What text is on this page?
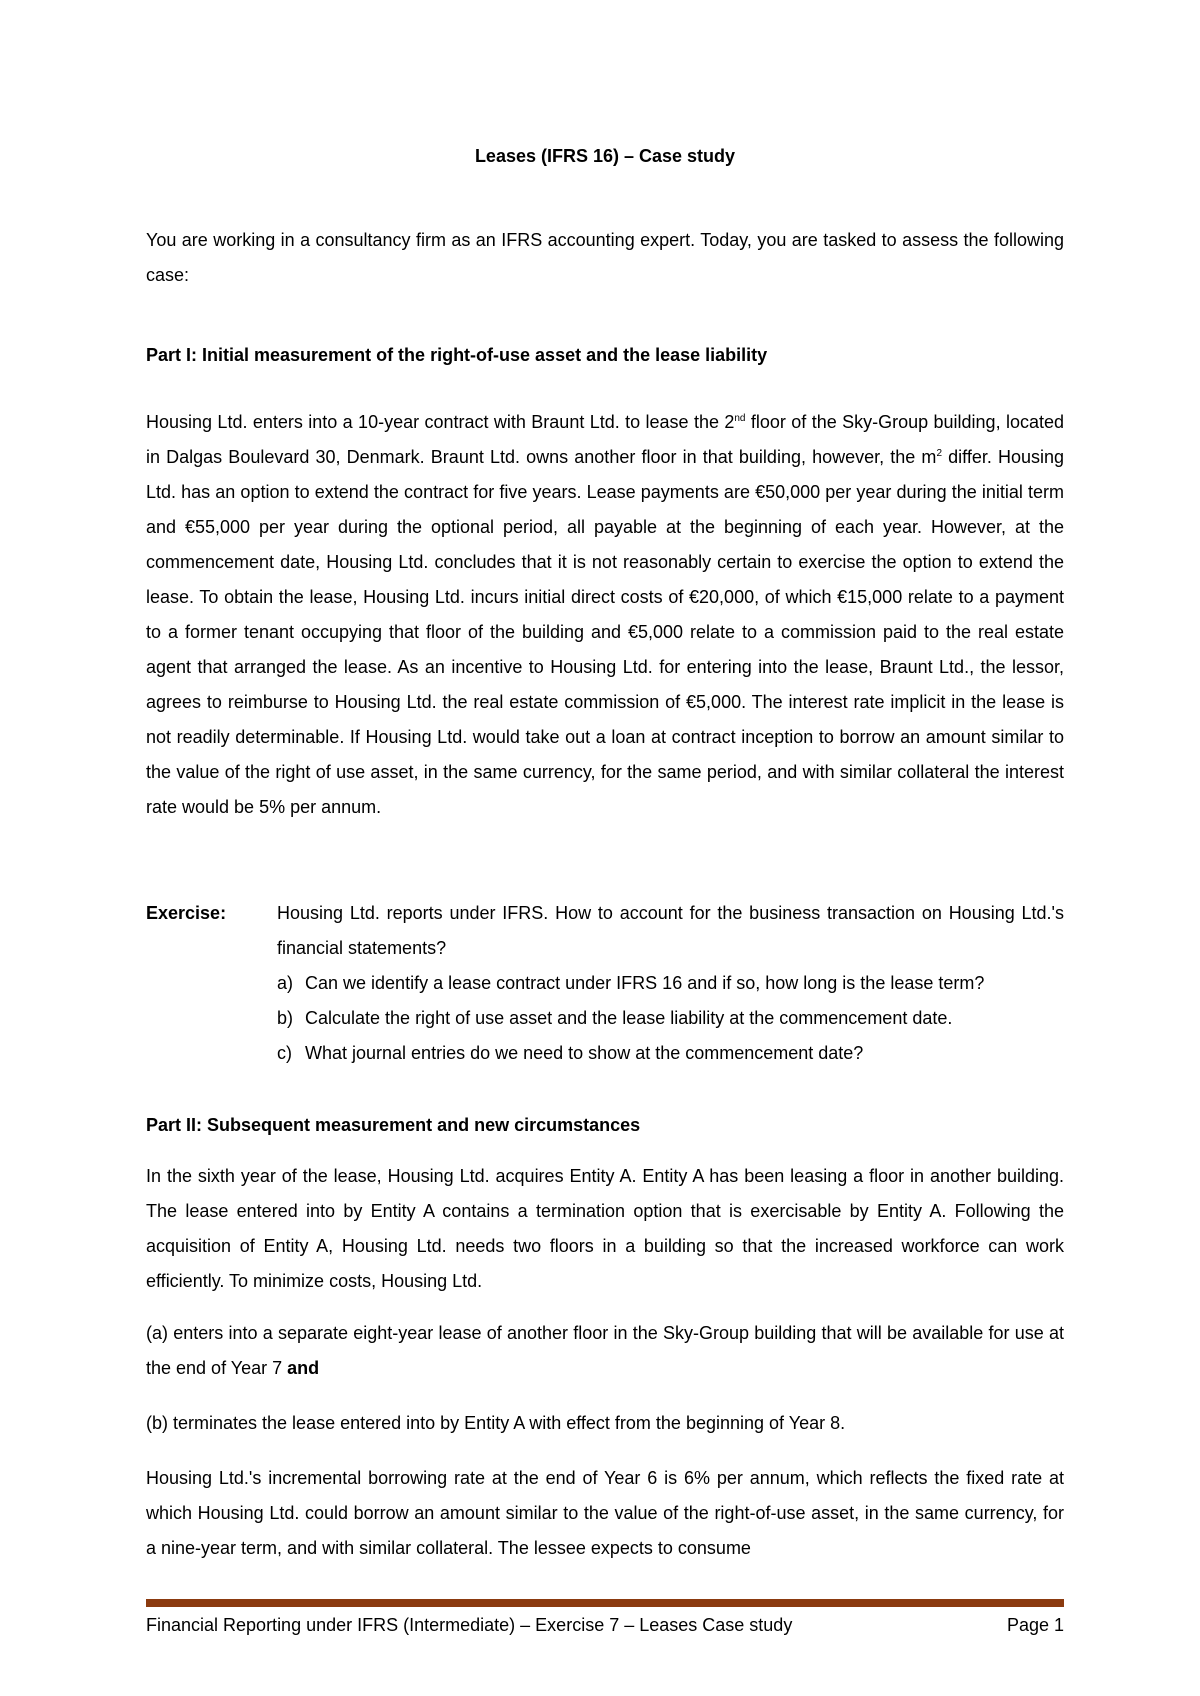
Leases (IFRS 16) – Case study

You are working in a consultancy firm as an IFRS accounting expert. Today, you are tasked to assess the following case:

Part I: Initial measurement of the right-of-use asset and the lease liability

Housing Ltd. enters into a 10-year contract with Braunt Ltd. to lease the 2nd floor of the Sky-Group building, located in Dalgas Boulevard 30, Denmark. Braunt Ltd. owns another floor in that building, however, the $m^2$ differ. Housing Ltd. has an option to extend the contract for five years. Lease payments are €50,000 per year during the initial term and €55,000 per year during the optional period, all payable at the beginning of each year. However, at the commencement date, Housing Ltd. concludes that it is not reasonably certain to exercise the option to extend the lease. To obtain the lease, Housing Ltd. incurs initial direct costs of €20,000, of which €15,000 relate to a payment to a former tenant occupying that floor of the building and €5,000 relate to a commission paid to the real estate agent that arranged the lease. As an incentive to Housing Ltd. for entering into the lease, Braunt Ltd., the lessor, agrees to reimburse to Housing Ltd. the real estate commission of €5,000. The interest rate implicit in the lease is not readily determinable. If Housing Ltd. would take out a loan at contract inception to borrow an amount similar to the value of the right of use asset, in the same currency, for the same period, and with similar collateral the interest rate would be 5% per annum.

Exercise:	Housing Ltd. reports under IFRS. How to account for the business transaction on Housing Ltd.'s financial statements?

a) Can we identify a lease contract under IFRS 16 and if so, how long is the lease term?
b) Calculate the right of use asset and the lease liability at the commencement date.
c) What journal entries do we need to show at the commencement date?

Part II: Subsequent measurement and new circumstances

In the sixth year of the lease, Housing Ltd. acquires Entity A. Entity A has been leasing a floor in another building. The lease entered into by Entity A contains a termination option that is exercisable by Entity A. Following the acquisition of Entity A, Housing Ltd. needs two floors in a building so that the increased workforce can work efficiently. To minimize costs, Housing Ltd.

(a) enters into a separate eight-year lease of another floor in the Sky-Group building that will be available for use at the end of Year 7 and

(b) terminates the lease entered into by Entity A with effect from the beginning of Year 8.

Housing Ltd.'s incremental borrowing rate at the end of Year 6 is 6% per annum, which reflects the fixed rate at which Housing Ltd. could borrow an amount similar to the value of the right-of-use asset, in the same currency, for a nine-year term, and with similar collateral. The lessee expects to consume

Financial Reporting under IFRS (Intermediate) – Exercise 7 – Leases Case study	Page 1
